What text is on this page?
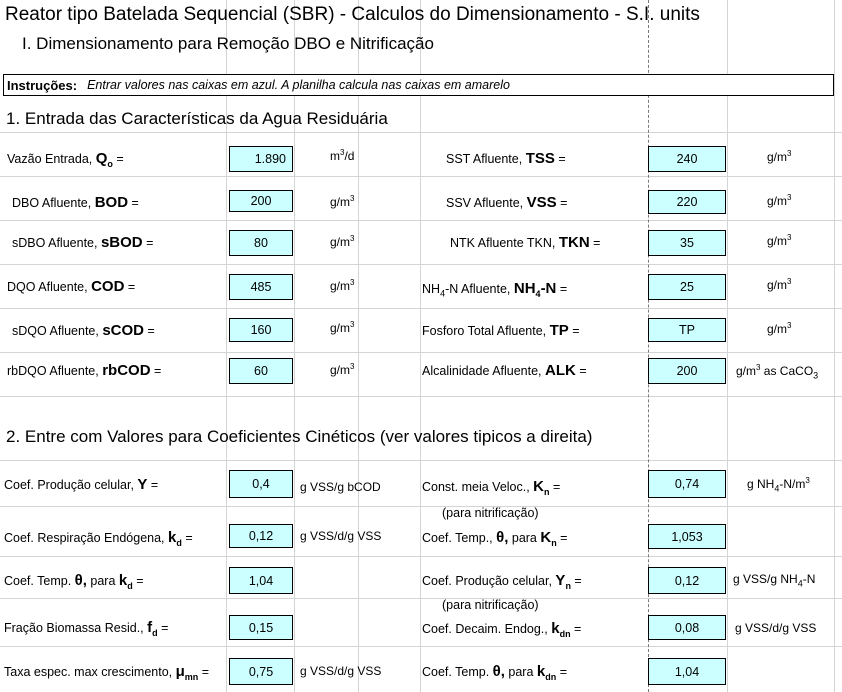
Reator tipo Batelada Sequencial (SBR) - Calculos do Dimensionamento - S.I. units
I. Dimensionamento para Remoção DBO e Nitrificação
Instruções: Entrar valores nas caixas em azul. A planilha calcula nas caixas em amarelo
1. Entrada das Características da Agua Residuária
Vazão Entrada, $Q_o$ =	1.890	$m^3/d$
DBO Afluente, BOD =	200	$g/m^3$
sDBO Afluente, sBOD =	80	$g/m^3$
DQO Afluente, COD =	485	$g/m^3$
sDQO Afluente, sCOD =	160	$g/m^3$
rbDQO Afluente, rbCOD =	60	$g/m^3$
SST Afluente, TSS =	240	$g/m^3$
SSV Afluente, VSS =	220	$g/m^3$
NTK Afluente TKN, TKN =	35	$g/m^3$
$NH_4-N$ Afluente, $NH_4-N$ =	25	$g/m^3$
Fosforo Total Afluente, TP =	TP	$g/m^3$
Alcalinidade Afluente, ALK =	200	$g/m^3$ as CaCO$_3$
2. Entre com Valores para Coeficientes Cinéticos (ver valores tipicos a direita)
Coef. Produção celular, Y =	0,4	g VSS/g bCOD
Coef. Respiração Endógena, $k_d$ =	0,12	g VSS/d/g VSS
Coef. Temp. θ, para $k_d$ =	1,04
Fração Biomassa Resid., $f_d$ =	0,15
Taxa espec. max crescimento, $\mu_{mn}$ =	0,75	g VSS/d/g VSS
Const. meia Veloc., $K_n$ =	0,74	g $NH_4-N/m^3$
(para nitrificação)
Coef. Temp., θ, para $K_n$ =	1,053
Coef. Produção celular, $Y_n$ =	0,12	g VSS/g $NH_4-N$
(para nitrificação)
Coef. Decaim. Endog., $k_{dn}$ =	0,08	g VSS/d/g VSS
Coef. Temp. θ, para $k_{dn}$ =	1,04
